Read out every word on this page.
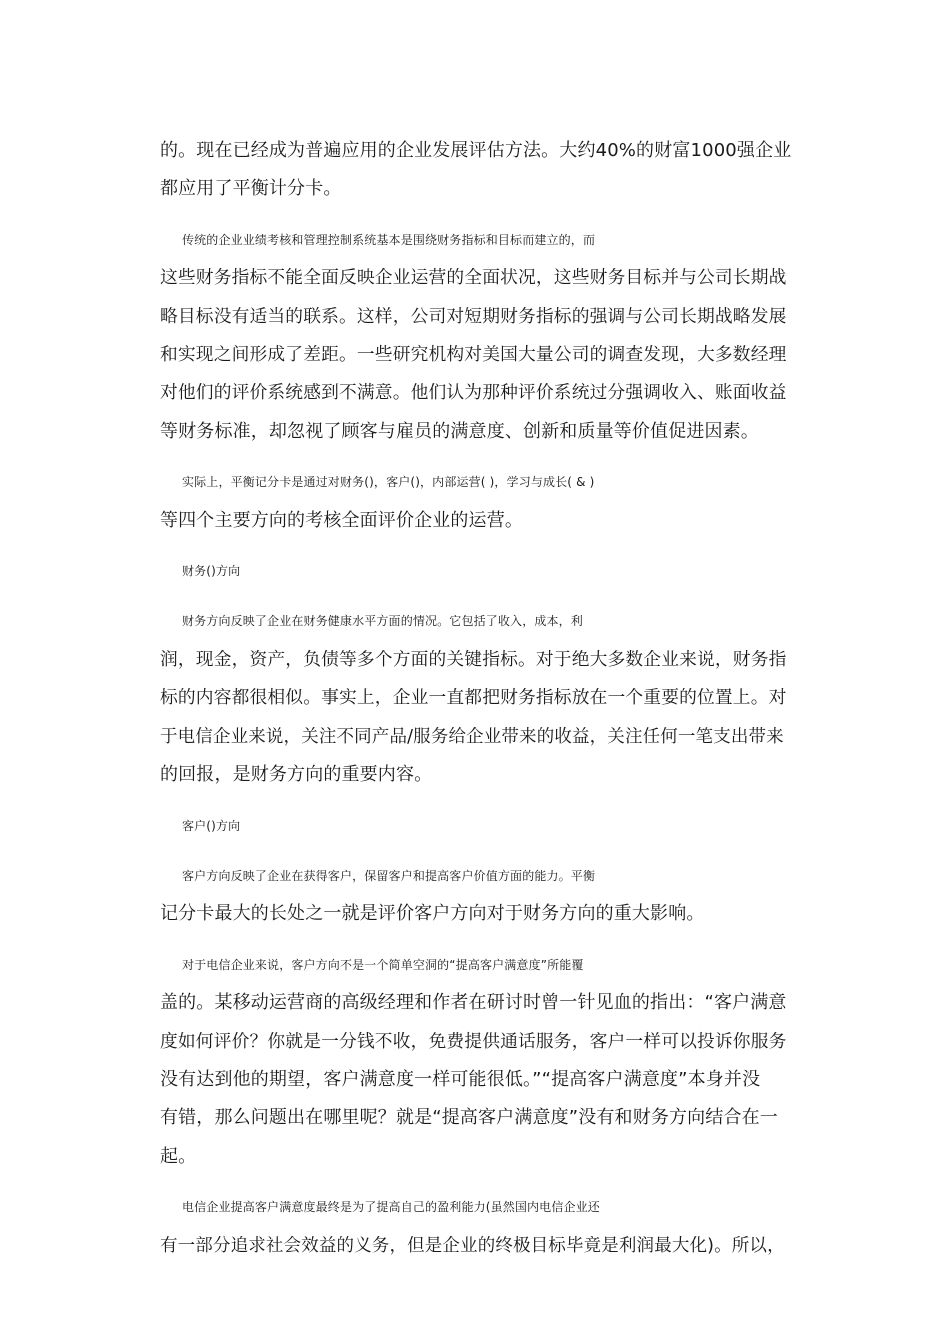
的。现在已经成为普遍应用的企业发展评估方法。大约40%的财富1000强企业
都应用了平衡计分卡。

传统的企业业绩考核和管理控制系统基本是围绕财务指标和目标而建立的，而
这些财务指标不能全面反映企业运营的全面状况，这些财务目标并与公司长期战
略目标没有适当的联系。这样，公司对短期财务指标的强调与公司长期战略发展
和实现之间形成了差距。一些研究机构对美国大量公司的调查发现，大多数经理
对他们的评价系统感到不满意。他们认为那种评价系统过分强调收入、账面收益
等财务标准，却忽视了顾客与雇员的满意度、创新和质量等价值促进因素。

实际上，平衡记分卡是通过对财务()，客户()，内部运营( )，学习与成长( & )
等四个主要方向的考核全面评价企业的运营。

财务()方向

财务方向反映了企业在财务健康水平方面的情况。它包括了收入，成本，利
润，现金，资产，负债等多个方面的关键指标。对于绝大多数企业来说，财务指
标的内容都很相似。事实上，企业一直都把财务指标放在一个重要的位置上。对
于电信企业来说，关注不同产品/服务给企业带来的收益，关注任何一笔支出带来
的回报，是财务方向的重要内容。

客户()方向

客户方向反映了企业在获得客户，保留客户和提高客户价值方面的能力。平衡
记分卡最大的长处之一就是评价客户方向对于财务方向的重大影响。

对于电信企业来说，客户方向不是一个简单空洞的“提高客户满意度”所能覆
盖的。某移动运营商的高级经理和作者在研讨时曾一针见血的指出：“客户满意
度如何评价？你就是一分钱不收，免费提供通话服务，客户一样可以投诉你服务
没有达到他的期望，客户满意度一样可能很低。”“提高客户满意度”本身并没
有错，那么问题出在哪里呢？就是“提高客户满意度”没有和财务方向结合在一
起。

电信企业提高客户满意度最终是为了提高自己的盈利能力(虽然国内电信企业还
有一部分追求社会效益的义务，但是企业的终极目标毕竟是利润最大化)。所以，
